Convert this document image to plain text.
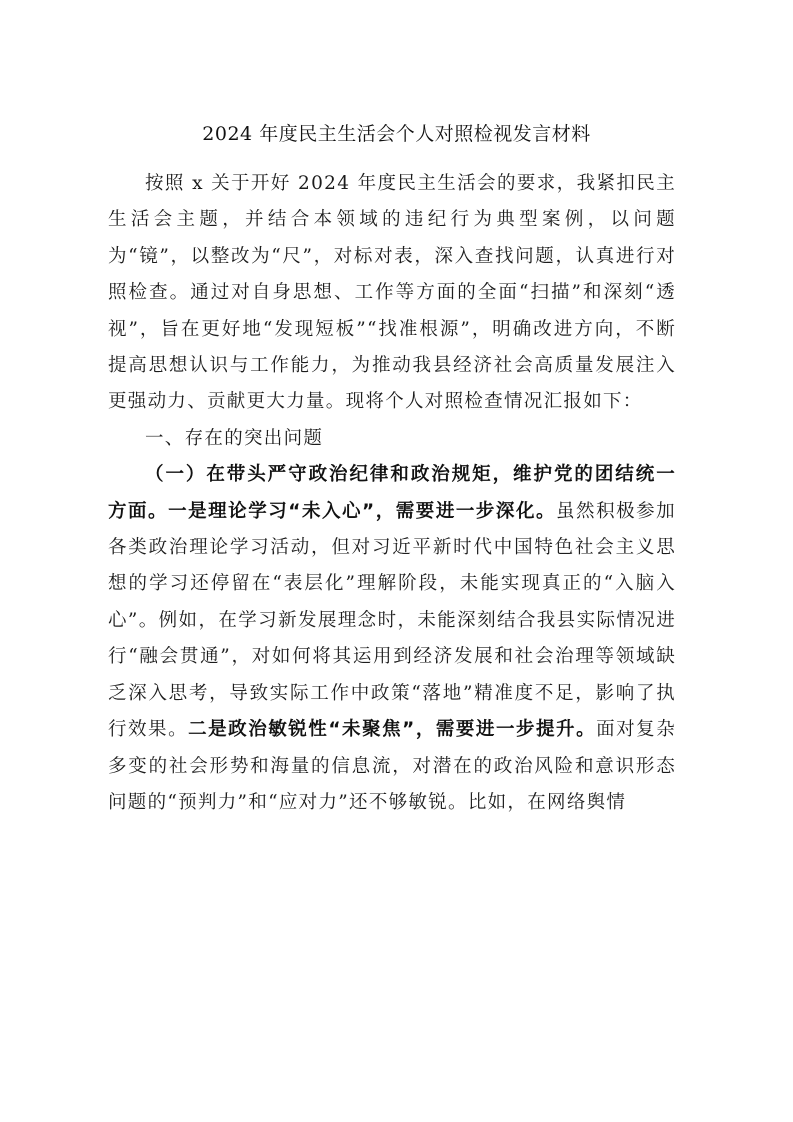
2024 年度民主生活会个人对照检视发言材料

按照 x 关于开好 2024 年度民主生活会的要求，我紧扣民主生活会主题，并结合本领域的违纪行为典型案例，以问题为“镜”，以整改为“尺”，对标对表，深入查找问题，认真进行对照检查。通过对自身思想、工作等方面的全面“扫描”和深刻“透视”，旨在更好地“发现短板”“找准根源”，明确改进方向，不断提高思想认识与工作能力，为推动我县经济社会高质量发展注入更强动力、贡献更大力量。现将个人对照检查情况汇报如下：

一、存在的突出问题

（一）在带头严守政治纪律和政治规矩，维护党的团结统一方面。一是理论学习“未入心”，需要进一步深化。虽然积极参加各类政治理论学习活动，但对习近平新时代中国特色社会主义思想的学习还停留在“表层化”理解阶段，未能实现真正的“入脑入心”。例如，在学习新发展理念时，未能深刻结合我县实际情况进行“融会贯通”，对如何将其运用到经济发展和社会治理等领域缺乏深入思考，导致实际工作中政策“落地”精准度不足，影响了执行效果。二是政治敏锐性“未聚焦”，需要进一步提升。面对复杂多变的社会形势和海量的信息流，对潜在的政治风险和意识形态问题的“预判力”和“应对力”还不够敏锐。比如，在网络舆情
